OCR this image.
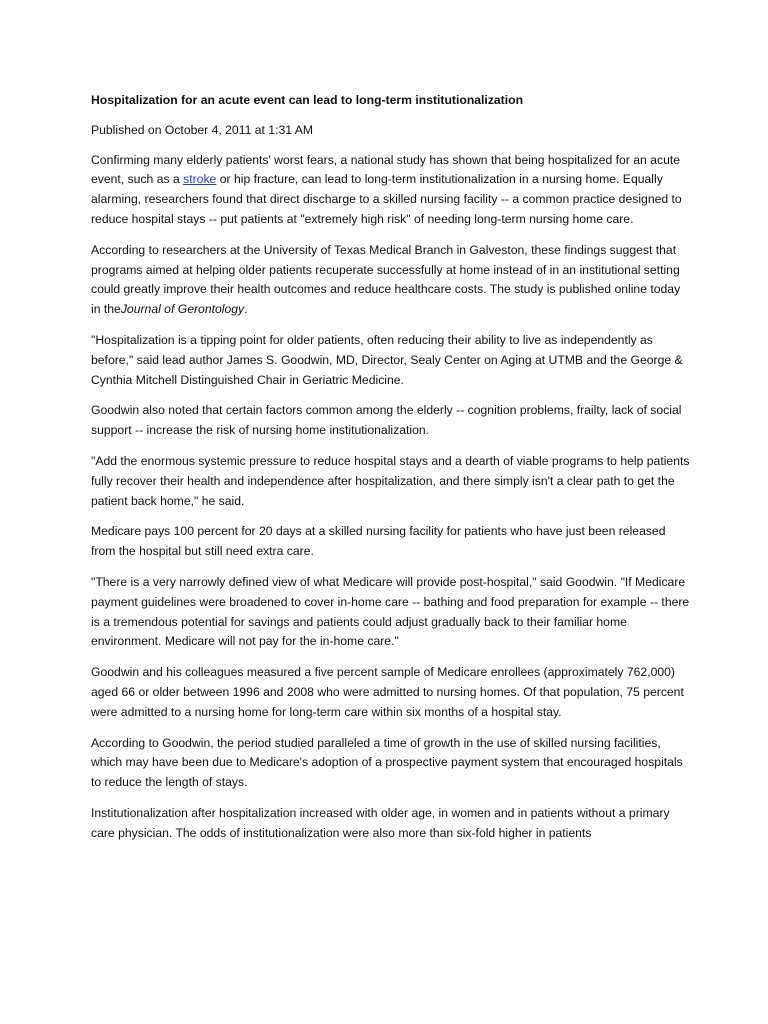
Hospitalization for an acute event can lead to long-term institutionalization

Published on October 4, 2011 at 1:31 AM

Confirming many elderly patients' worst fears, a national study has shown that being hospitalized for an acute event, such as a stroke or hip fracture, can lead to long-term institutionalization in a nursing home. Equally alarming, researchers found that direct discharge to a skilled nursing facility -- a common practice designed to reduce hospital stays -- put patients at "extremely high risk" of needing long-term nursing home care.

According to researchers at the University of Texas Medical Branch in Galveston, these findings suggest that programs aimed at helping older patients recuperate successfully at home instead of in an institutional setting could greatly improve their health outcomes and reduce healthcare costs. The study is published online today in theJournal of Gerontology.

"Hospitalization is a tipping point for older patients, often reducing their ability to live as independently as before," said lead author James S. Goodwin, MD, Director, Sealy Center on Aging at UTMB and the George & Cynthia Mitchell Distinguished Chair in Geriatric Medicine.

Goodwin also noted that certain factors common among the elderly -- cognition problems, frailty, lack of social support -- increase the risk of nursing home institutionalization.

"Add the enormous systemic pressure to reduce hospital stays and a dearth of viable programs to help patients fully recover their health and independence after hospitalization, and there simply isn't a clear path to get the patient back home," he said.

Medicare pays 100 percent for 20 days at a skilled nursing facility for patients who have just been released from the hospital but still need extra care.

"There is a very narrowly defined view of what Medicare will provide post-hospital," said Goodwin. "If Medicare payment guidelines were broadened to cover in-home care -- bathing and food preparation for example -- there is a tremendous potential for savings and patients could adjust gradually back to their familiar home environment. Medicare will not pay for the in-home care."

Goodwin and his colleagues measured a five percent sample of Medicare enrollees (approximately 762,000) aged 66 or older between 1996 and 2008 who were admitted to nursing homes. Of that population, 75 percent were admitted to a nursing home for long-term care within six months of a hospital stay.

According to Goodwin, the period studied paralleled a time of growth in the use of skilled nursing facilities, which may have been due to Medicare's adoption of a prospective payment system that encouraged hospitals to reduce the length of stays.

Institutionalization after hospitalization increased with older age, in women and in patients without a primary care physician. The odds of institutionalization were also more than six-fold higher in patients
